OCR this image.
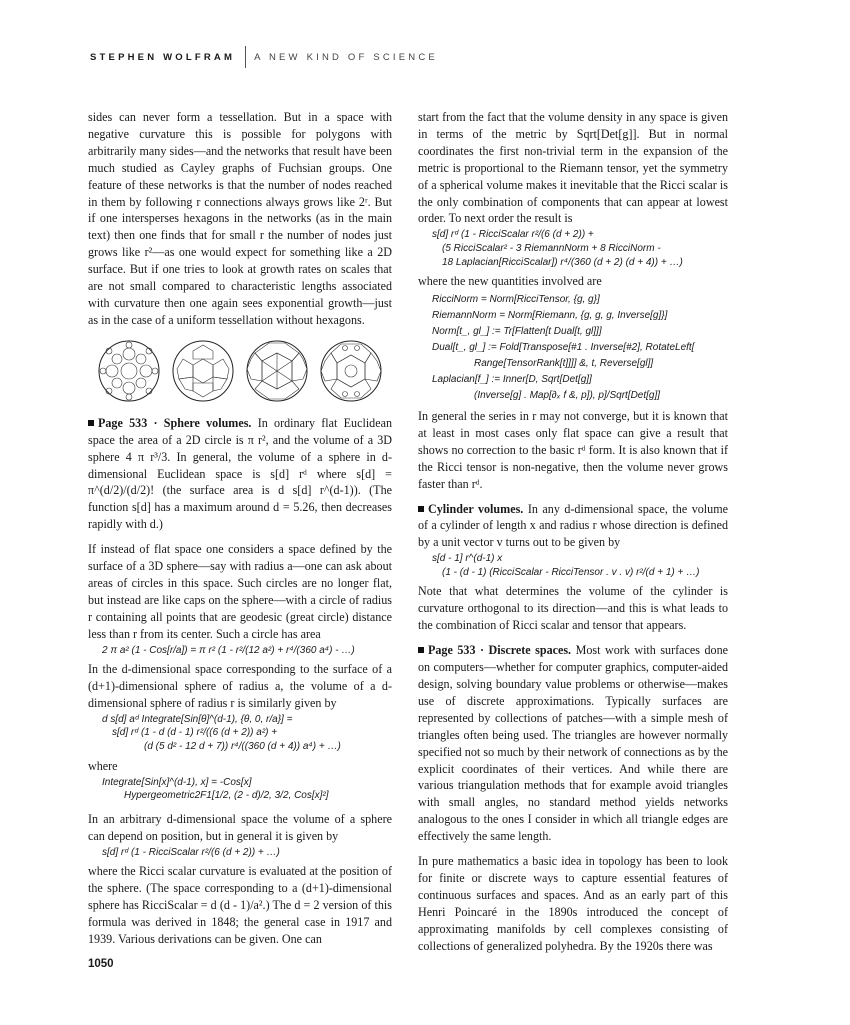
STEPHEN WOLFRAM A NEW KIND OF SCIENCE

sides can never form a tessellation. But in a space with negative curvature this is possible for polygons with arbitrarily many sides—and the networks that result have been much studied as Cayley graphs of Fuchsian groups. One feature of these networks is that the number of nodes reached in them by following r connections always grows like 2ʳ. But if one intersperses hexagons in the networks (as in the main text) then one finds that for small r the number of nodes just grows like r²—as one would expect for something like a 2D surface. But if one tries to look at growth rates on scales that are not small compared to characteristic lengths associated with curvature then one again sees exponential growth—just as in the case of a uniform tessellation without hexagons.

Page 533 · Sphere volumes. In ordinary flat Euclidean space the area of a 2D circle is π r², and the volume of a 3D sphere 4 π r³/3. In general, the volume of a sphere in d-dimensional Euclidean space is s[d] rᵈ where s[d] = π^(d/2)/(d/2)! (the surface area is d s[d] r^(d-1)). (The function s[d] has a maximum around d = 5.26, then decreases rapidly with d.)

If instead of flat space one considers a space defined by the surface of a 3D sphere—say with radius a—one can ask about areas of circles in this space. Such circles are no longer flat, but instead are like caps on the sphere—with a circle of radius r containing all points that are geodesic (great circle) distance less than r from its center. Such a circle has area

2 π a² (1 - Cos[r/a]) = π r² (1 - r²/(12 a²) + r⁴/(360 a⁴) - …)

In the d-dimensional space corresponding to the surface of a (d+1)-dimensional sphere of radius a, the volume of a d-dimensional sphere of radius r is similarly given by

d s[d] aᵈ Integrate[Sin[θ]^(d-1), {θ, 0, r/a}] =
s[d] rᵈ (1 - d (d - 1) r²/((6 (d + 2)) a²) +
(d (5 d² - 12 d + 7)) r⁴/((360 (d + 4)) a⁴) + …)

where

Integrate[Sin[x]^(d-1), x] = -Cos[x]
Hypergeometric2F1[1/2, (2 - d)/2, 3/2, Cos[x]²]

In an arbitrary d-dimensional space the volume of a sphere can depend on position, but in general it is given by

s[d] rᵈ (1 - RicciScalar r²/(6 (d + 2)) + …)

where the Ricci scalar curvature is evaluated at the position of the sphere. (The space corresponding to a (d+1)-dimensional sphere has RicciScalar = d (d - 1)/a².) The d = 2 version of this formula was derived in 1848; the general case in 1917 and 1939. Various derivations can be given. One can

start from the fact that the volume density in any space is given in terms of the metric by Sqrt[Det[g]]. But in normal coordinates the first non-trivial term in the expansion of the metric is proportional to the Riemann tensor, yet the symmetry of a spherical volume makes it inevitable that the Ricci scalar is the only combination of components that can appear at lowest order. To next order the result is

s[d] rᵈ (1 - RicciScalar r²/(6 (d + 2)) +
(5 RicciScalar² - 3 RiemannNorm + 8 RicciNorm -
18 Laplacian[RicciScalar]) r⁴/(360 (d + 2) (d + 4)) + …)

where the new quantities involved are

RicciNorm = Norm[RicciTensor, {g, g}]
RiemannNorm = Norm[Riemann, {g, g, g, Inverse[g]}]
Norm[t_, gl_] := Tr[Flatten[t Dual[t, gl]]]
Dual[t_, gl_] := Fold[Transpose[#1 . Inverse[#2], RotateLeft[
Range[TensorRank[t]]]] &, t, Reverse[gl]]
Laplacian[f_] := Inner[D, Sqrt[Det[g]]
(Inverse[g] . Map[∂ₓ f &, p]), p]/Sqrt[Det[g]]

In general the series in r may not converge, but it is known that at least in most cases only flat space can give a result that shows no correction to the basic rᵈ form. It is also known that if the Ricci tensor is non-negative, then the volume never grows faster than rᵈ.

Cylinder volumes. In any d-dimensional space, the volume of a cylinder of length x and radius r whose direction is defined by a unit vector v turns out to be given by

s[d - 1] r^(d-1) x
(1 - (d - 1) (RicciScalar - RicciTensor . v . v) r²/(d + 1) + …)

Note that what determines the volume of the cylinder is curvature orthogonal to its direction—and this is what leads to the combination of Ricci scalar and tensor that appears.

Page 533 · Discrete spaces. Most work with surfaces done on computers—whether for computer graphics, computer-aided design, solving boundary value problems or otherwise—makes use of discrete approximations. Typically surfaces are represented by collections of patches—with a simple mesh of triangles often being used. The triangles are however normally specified not so much by their network of connections as by the explicit coordinates of their vertices. And while there are various triangulation methods that for example avoid triangles with small angles, no standard method yields networks analogous to the ones I consider in which all triangle edges are effectively the same length.

In pure mathematics a basic idea in topology has been to look for finite or discrete ways to capture essential features of continuous surfaces and spaces. And as an early part of this Henri Poincaré in the 1890s introduced the concept of approximating manifolds by cell complexes consisting of collections of generalized polyhedra. By the 1920s there was

1050
